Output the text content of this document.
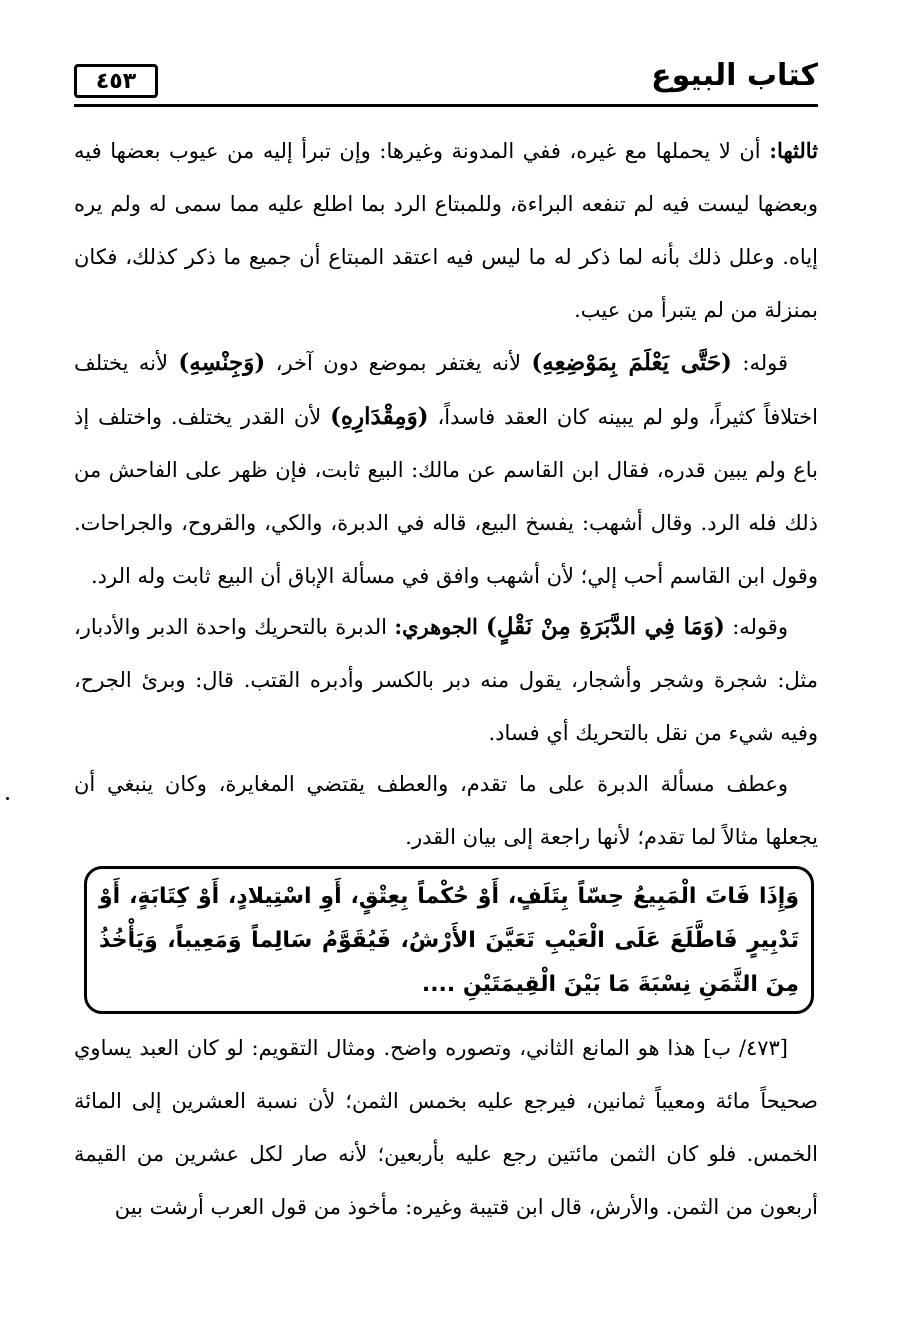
٤٥٣	كتاب البيوع

ثالثها: أن لا يحملها مع غيره، ففي المدونة وغيرها: وإن تبرأ إليه من عيوب بعضها فيه وبعضها ليست فيه لم تنفعه البراءة، وللمبتاع الرد بما اطلع عليه مما سمى له ولم يره إياه. وعلل ذلك بأنه لما ذكر له ما ليس فيه اعتقد المبتاع أن جميع ما ذكر كذلك، فكان بمنزلة من لم يتبرأ من عيب.

قوله: (حَتَّى يَعْلَمَ بِمَوْضِعِهِ) لأنه يغتفر بموضع دون آخر، (وَجِنْسِهِ) لأنه يختلف اختلافاً كثيراً، ولو لم يبينه كان العقد فاسداً، (وَمِقْدَارِهِ) لأن القدر يختلف. واختلف إذ باع ولم يبين قدره، فقال ابن القاسم عن مالك: البيع ثابت، فإن ظهر على الفاحش من ذلك فله الرد. وقال أشهب: يفسخ البيع، قاله في الدبرة، والكي، والقروح، والجراحات. وقول ابن القاسم أحب إلي؛ لأن أشهب وافق في مسألة الإباق أن البيع ثابت وله الرد.

وقوله: (وَمَا فِي الدَّبَرَةِ مِنْ نَقْلٍ) الجوهري: الدبرة بالتحريك واحدة الدبر والأدبار، مثل: شجرة وشجر وأشجار، يقول منه دبر بالكسر وأدبره القتب. قال: وبرئ الجرح، وفيه شيء من نقل بالتحريك أي فساد.

وعطف مسألة الدبرة على ما تقدم، والعطف يقتضي المغايرة، وكان ينبغي أن يجعلها مثالاً لما تقدم؛ لأنها راجعة إلى بيان القدر.

وَإِذَا فَاتَ الْمَبِيعُ حِسّاً بِتَلَفٍ، أَوْ حُكْماً بِعِتْقٍ، أَوِ اسْتِيلادٍ، أَوْ كِتَابَةٍ، أَوْ تَدْبِيرٍ فَاطَّلَعَ عَلَى الْعَيْبِ تَعَيَّنَ الأَرْشُ، فَيُقَوَّمُ سَالِماً وَمَعِيباً، وَيَأْخُذُ مِنَ الثَّمَنِ نِسْبَةَ مَا بَيْنَ الْقِيمَتَيْنِ ....

[٤٧٣/ ب] هذا هو المانع الثاني، وتصوره واضح. ومثال التقويم: لو كان العبد يساوي صحيحاً مائة ومعيباً ثمانين، فيرجع عليه بخمس الثمن؛ لأن نسبة العشرين إلى المائة الخمس. فلو كان الثمن مائتين رجع عليه بأربعين؛ لأنه صار لكل عشرين من القيمة أربعون من الثمن. والأرش، قال ابن قتيبة وغيره: مأخوذ من قول العرب أرشت بين
